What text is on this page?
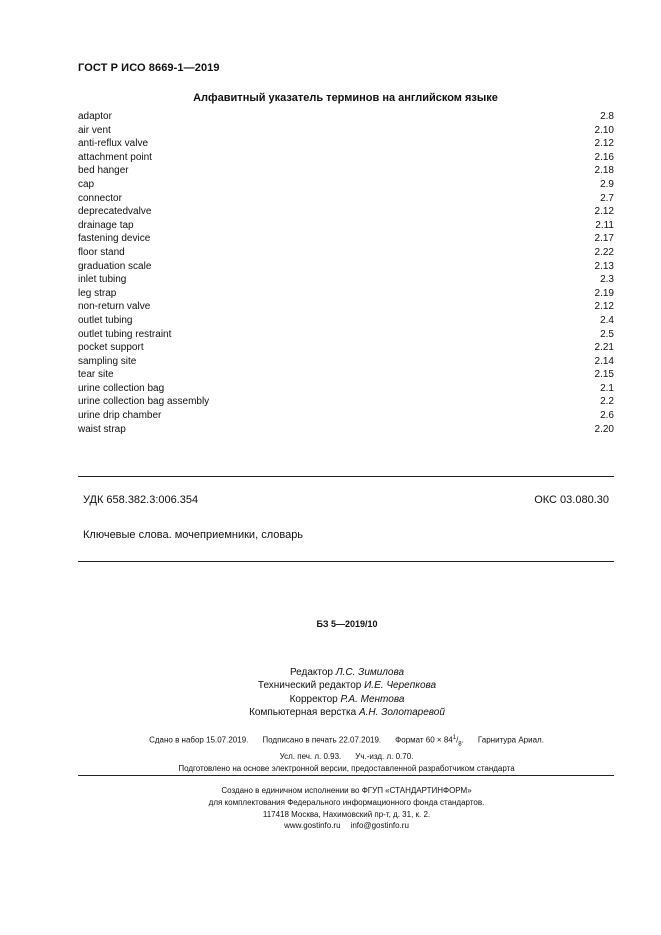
ГОСТ Р ИСО 8669-1—2019
Алфавитный указатель терминов на английском языке
adaptor	2.8
air vent	2.10
anti-reflux valve	2.12
attachment point	2.16
bed hanger	2.18
cap	2.9
connector	2.7
deprecatedvalve	2.12
drainage tap	2.11
fastening device	2.17
floor stand	2.22
graduation scale	2.13
inlet tubing	2.3
leg strap	2.19
non-return valve	2.12
outlet tubing	2.4
outlet tubing restraint	2.5
pocket support	2.21
sampling site	2.14
tear site	2.15
urine collection bag	2.1
urine collection bag assembly	2.2
urine drip chamber	2.6
waist strap	2.20
УДК 658.382.3:006.354	ОКС 03.080.30
Ключевые слова. мочеприемники, словарь
БЗ 5—2019/10
Редактор Л.С. Зимилова
Технический редактор И.Е. Черепкова
Корректор Р.А. Ментова
Компьютерная верстка А.Н. Золотаревой
Сдано в набор 15.07.2019. Подписано в печать 22.07.2019. Формат $60 \times 84^1/_8$. Гарнитура Ариал.
Усл. печ. л. 0.93. Уч.-изд. л. 0.70.
Подготовлено на основе электронной версии, предоставленной разработчиком стандарта
Создано в единичном исполнении во ФГУП «СТАНДАРТИНФОРМ»
для комплектования Федерального информационного фонда стандартов.
117418 Москва, Нахимовский пр-т, д. 31, к. 2.
www.gostinfo.ru info@gostinfo.ru
